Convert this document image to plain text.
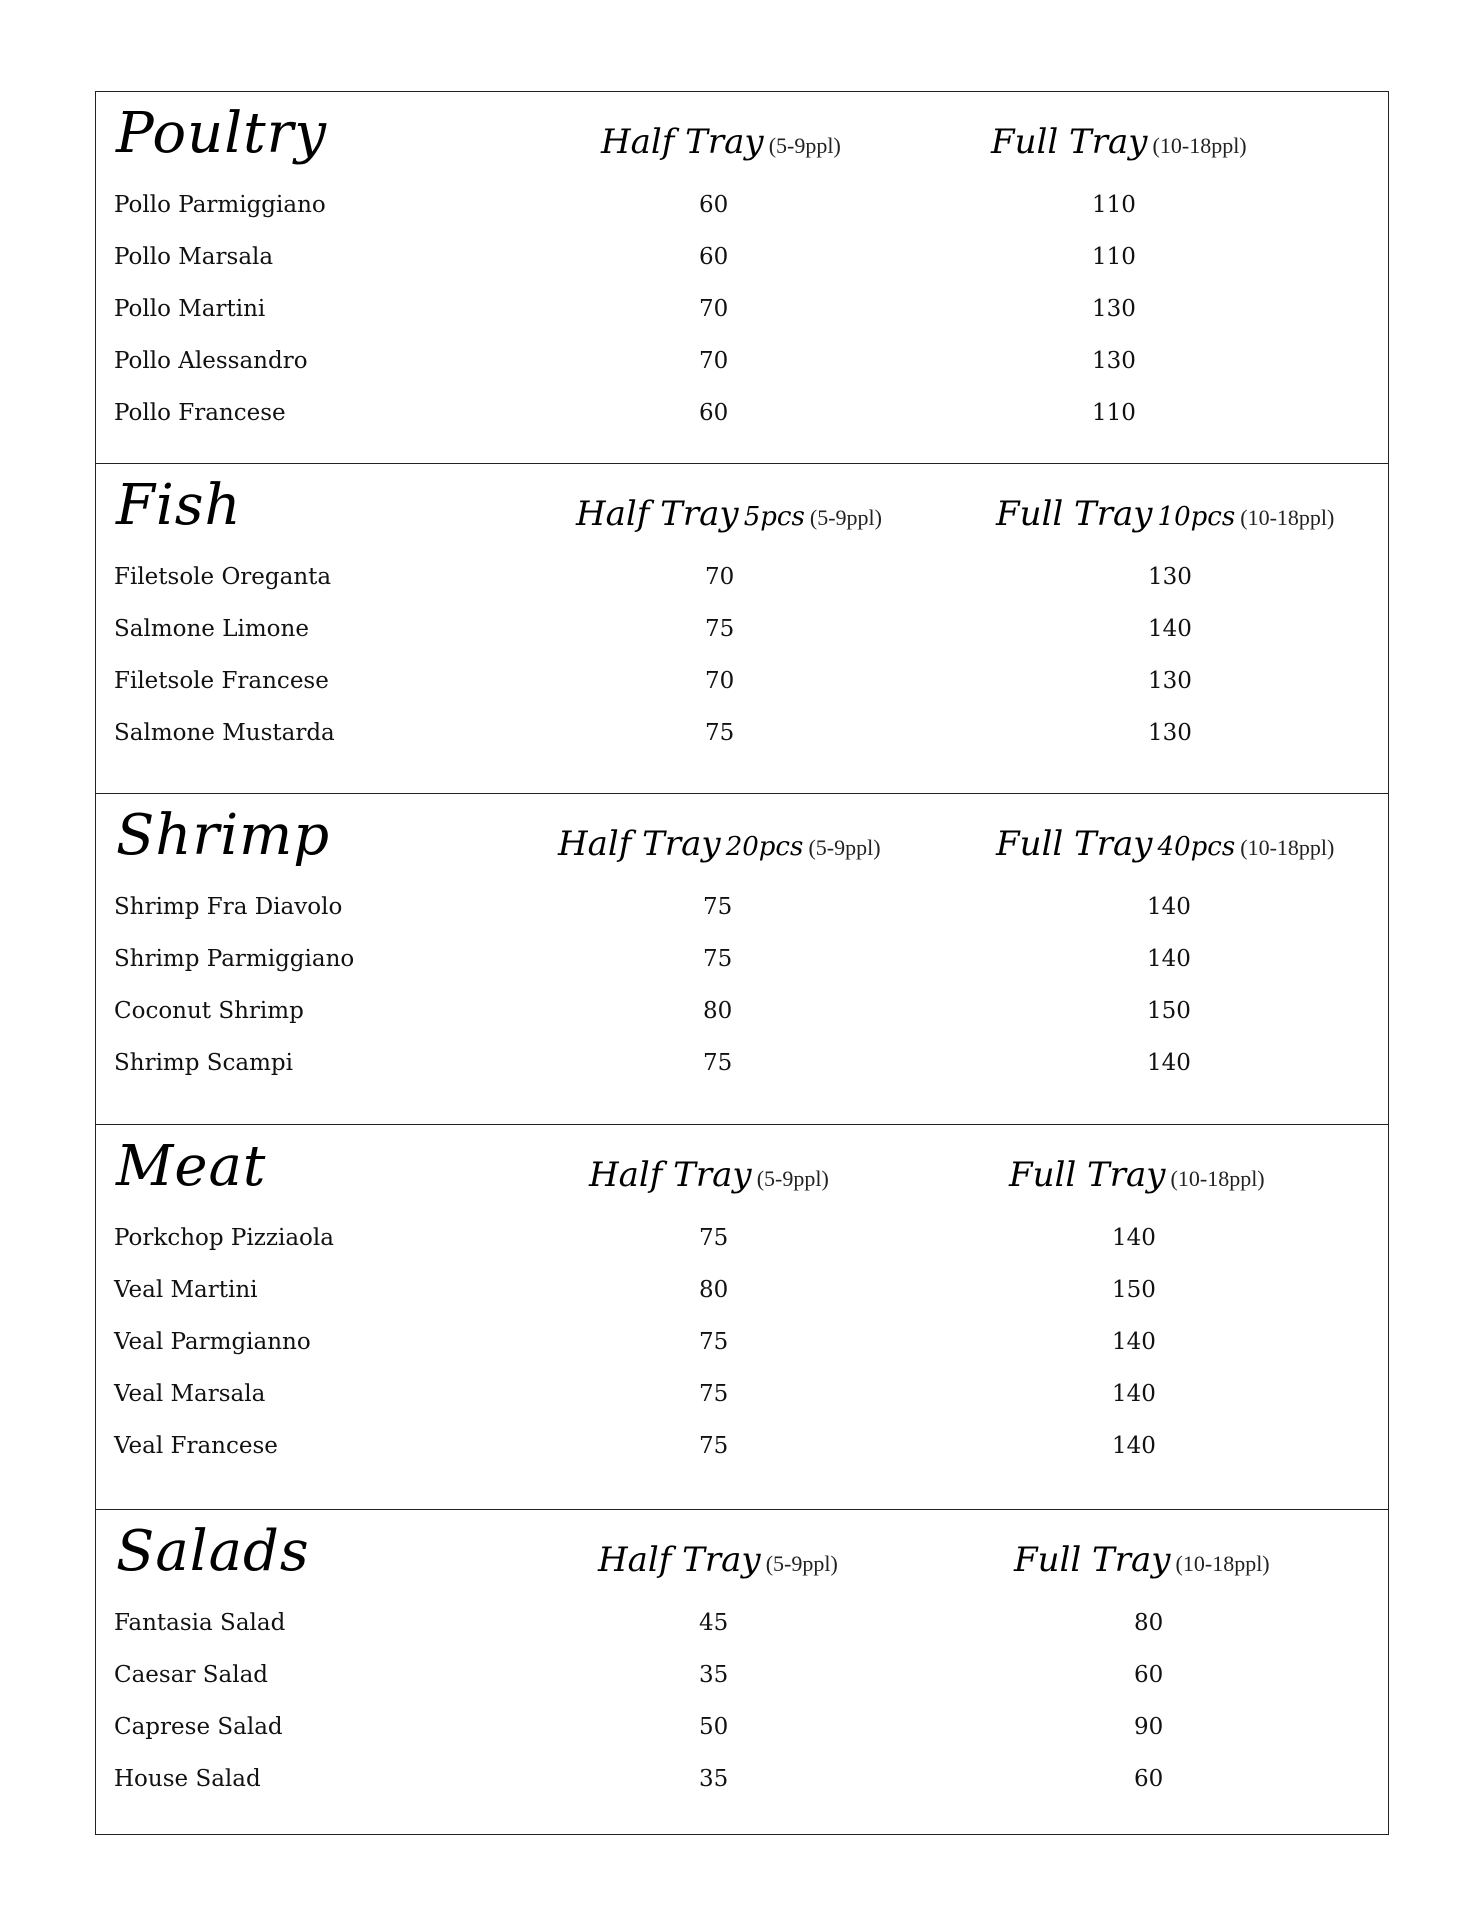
Poultry	Half Tray (5-9ppl)	Full Tray (10-18ppl)
Pollo Parmiggiano	60	110
Pollo Marsala	60	110
Pollo Martini	70	130
Pollo Alessandro	70	130
Pollo Francese	60	110
Fish	Half Tray 5pcs (5-9ppl)	Full Tray 10pcs (10-18ppl)
Filetsole Oreganta	70	130
Salmone Limone	75	140
Filetsole Francese	70	130
Salmone Mustarda	75	130
Shrimp	Half Tray 20pcs (5-9ppl)	Full Tray 40pcs (10-18ppl)
Shrimp Fra Diavolo	75	140
Shrimp Parmiggiano	75	140
Coconut Shrimp	80	150
Shrimp Scampi	75	140
Meat	Half Tray (5-9ppl)	Full Tray (10-18ppl)
Porkchop Pizziaola	75	140
Veal Martini	80	150
Veal Parmgianno	75	140
Veal Marsala	75	140
Veal Francese	75	140
Salads	Half Tray (5-9ppl)	Full Tray (10-18ppl)
Fantasia Salad	45	80
Caesar Salad	35	60
Caprese Salad	50	90
House Salad	35	60
